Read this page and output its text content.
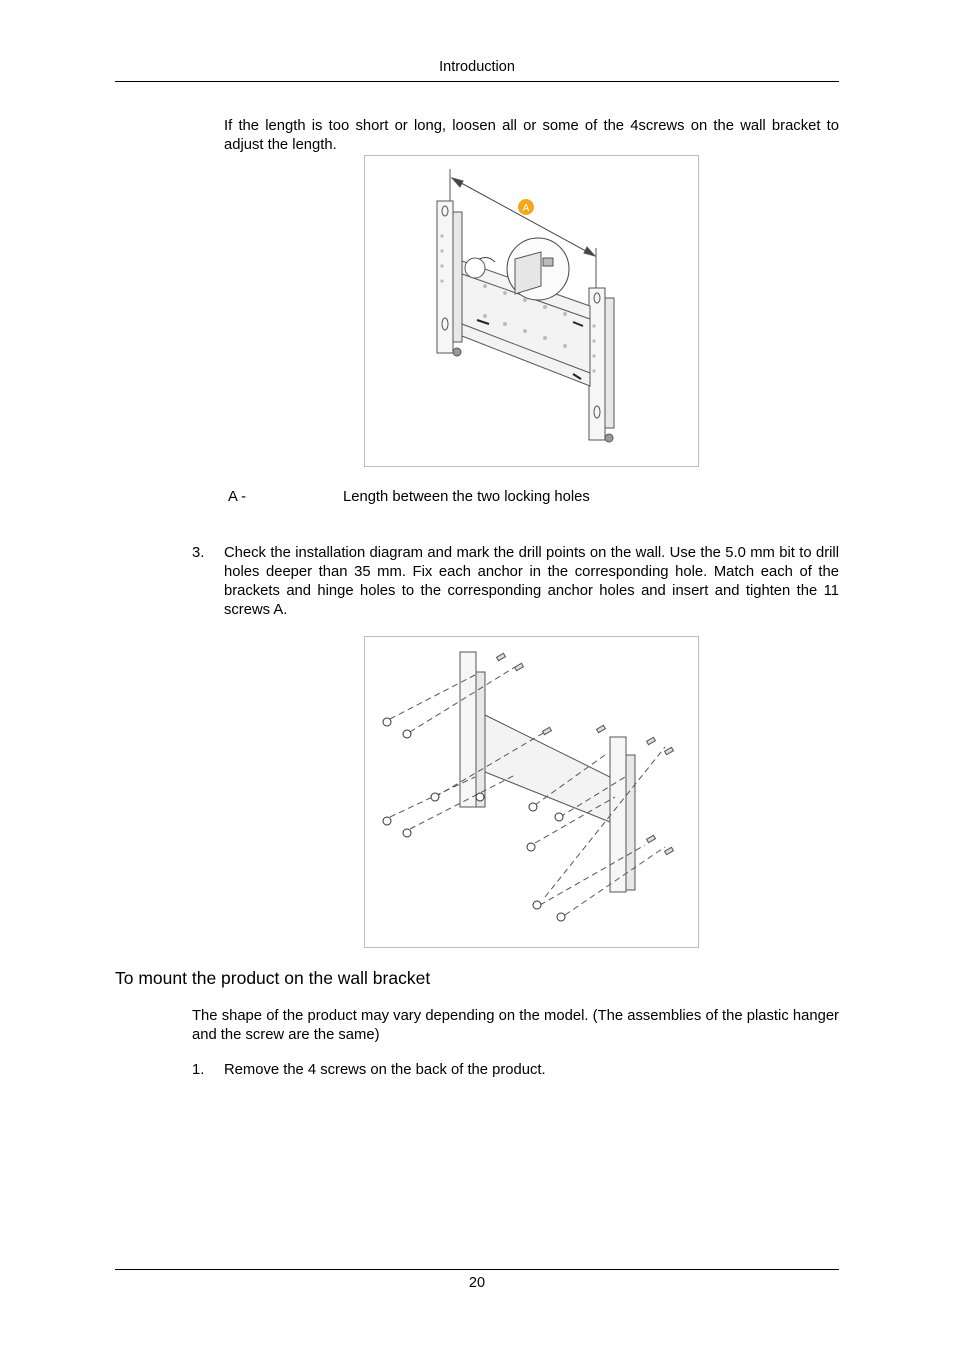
Introduction
If the length is too short or long, loosen all or some of the 4screws on the wall bracket to adjust the length.
A
A -	Length between the two locking holes
3. Check the installation diagram and mark the drill points on the wall. Use the 5.0 mm bit to drill holes deeper than 35 mm. Fix each anchor in the corresponding hole. Match each of the brackets and hinge holes to the corresponding anchor holes and insert and tighten the 11 screws A.
To mount the product on the wall bracket
The shape of the product may vary depending on the model. (The assemblies of the plastic hanger and the screw are the same)
1. Remove the 4 screws on the back of the product.
20
